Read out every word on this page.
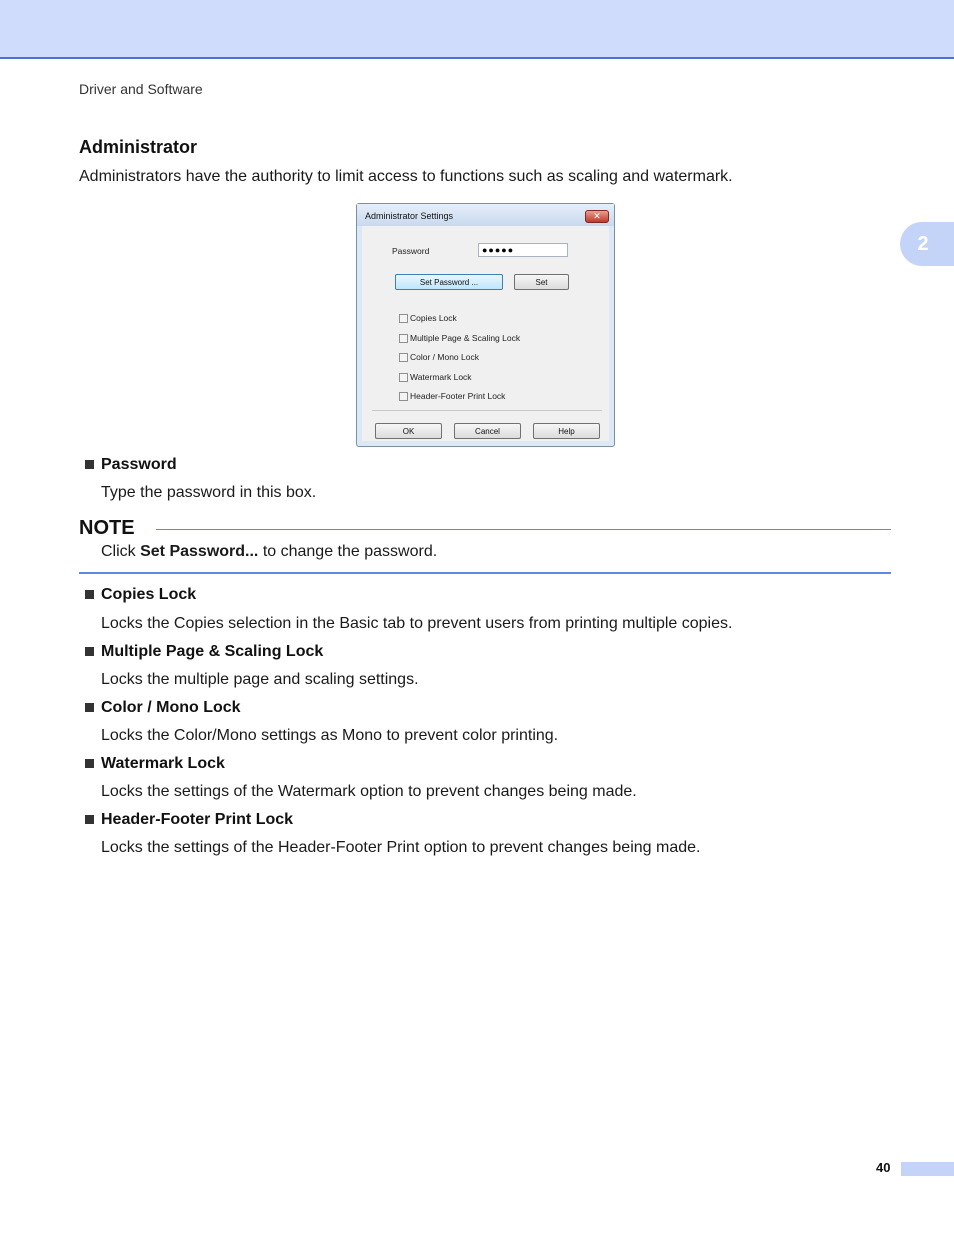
Driver and Software
2
Administrator
Administrators have the authority to limit access to functions such as scaling and watermark.
Administrator Settings	✕
Password	●●●●●
Set Password ...	Set
Copies Lock
Multiple Page & Scaling Lock
Color / Mono Lock
Watermark Lock
Header-Footer Print Lock
OK	Cancel	Help
Password
Type the password in this box.
NOTE
Click Set Password... to change the password.
Copies Lock
Locks the Copies selection in the Basic tab to prevent users from printing multiple copies.
Multiple Page & Scaling Lock
Locks the multiple page and scaling settings.
Color / Mono Lock
Locks the Color/Mono settings as Mono to prevent color printing.
Watermark Lock
Locks the settings of the Watermark option to prevent changes being made.
Header-Footer Print Lock
Locks the settings of the Header-Footer Print option to prevent changes being made.
40
